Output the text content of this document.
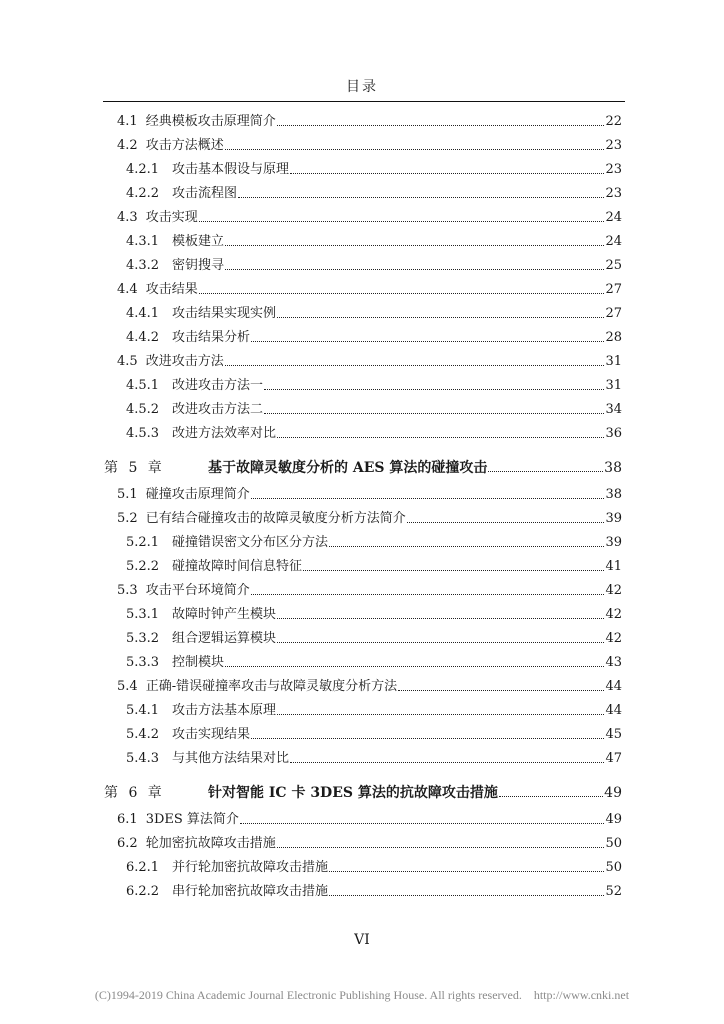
目录
4.1 经典模板攻击原理简介	22
4.2 攻击方法概述	23
4.2.1 攻击基本假设与原理	23
4.2.2 攻击流程图	23
4.3 攻击实现	24
4.3.1 模板建立	24
4.3.2 密钥搜寻	25
4.4 攻击结果	27
4.4.1 攻击结果实现实例	27
4.4.2 攻击结果分析	28
4.5 改进攻击方法	31
4.5.1 改进攻击方法一	31
4.5.2 改进攻击方法二	34
4.5.3 改进方法效率对比	36
第 5 章	基于故障灵敏度分析的 AES 算法的碰撞攻击	38
5.1 碰撞攻击原理简介	38
5.2 已有结合碰撞攻击的故障灵敏度分析方法简介	39
5.2.1 碰撞错误密文分布区分方法	39
5.2.2 碰撞故障时间信息特征	41
5.3 攻击平台环境简介	42
5.3.1 故障时钟产生模块	42
5.3.2 组合逻辑运算模块	42
5.3.3 控制模块	43
5.4 正确-错误碰撞率攻击与故障灵敏度分析方法	44
5.4.1 攻击方法基本原理	44
5.4.2 攻击实现结果	45
5.4.3 与其他方法结果对比	47
第 6 章	针对智能 IC 卡 3DES 算法的抗故障攻击措施	49
6.1 3DES 算法简介	49
6.2 轮加密抗故障攻击措施	50
6.2.1 并行轮加密抗故障攻击措施	50
6.2.2 串行轮加密抗故障攻击措施	52
VI
(C)1994-2019 China Academic Journal Electronic Publishing House. All rights reserved.    http://www.cnki.net
